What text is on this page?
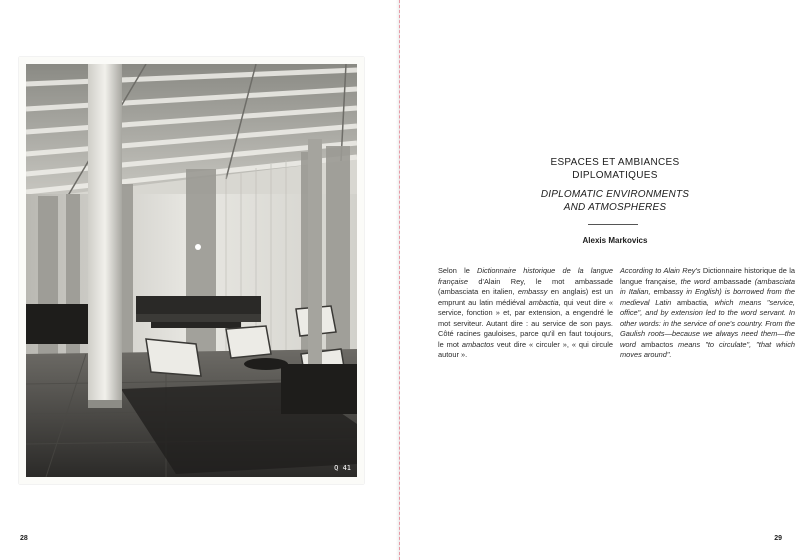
Q 41
28
ESPACES ET AMBIANCES
DIPLOMATIQUES
DIPLOMATIC ENVIRONMENTS
AND ATMOSPHERES
Alexis Markovics
Selon le Dictionnaire historique de la langue française d'Alain Rey, le mot ambassade (ambasciata en italien, embassy en anglais) est un emprunt au latin médiéval ambactia, qui veut dire « service, fonction » et, par extension, a engendré le mot serviteur. Autant dire : au service de son pays. Côté racines gauloises, parce qu'il en faut toujours, le mot ambactos veut dire « circuler », « qui circule autour ».
According to Alain Rey's Dictionnaire historique de la langue française, the word ambassade (ambasciata in Italian, embassy in English) is borrowed from the medieval Latin ambactia, which means "service, office", and by extension led to the word servant. In other words: in the service of one's country. From the Gaulish roots—because we always need them—the word ambactos means "to circulate", "that which moves around".
29
